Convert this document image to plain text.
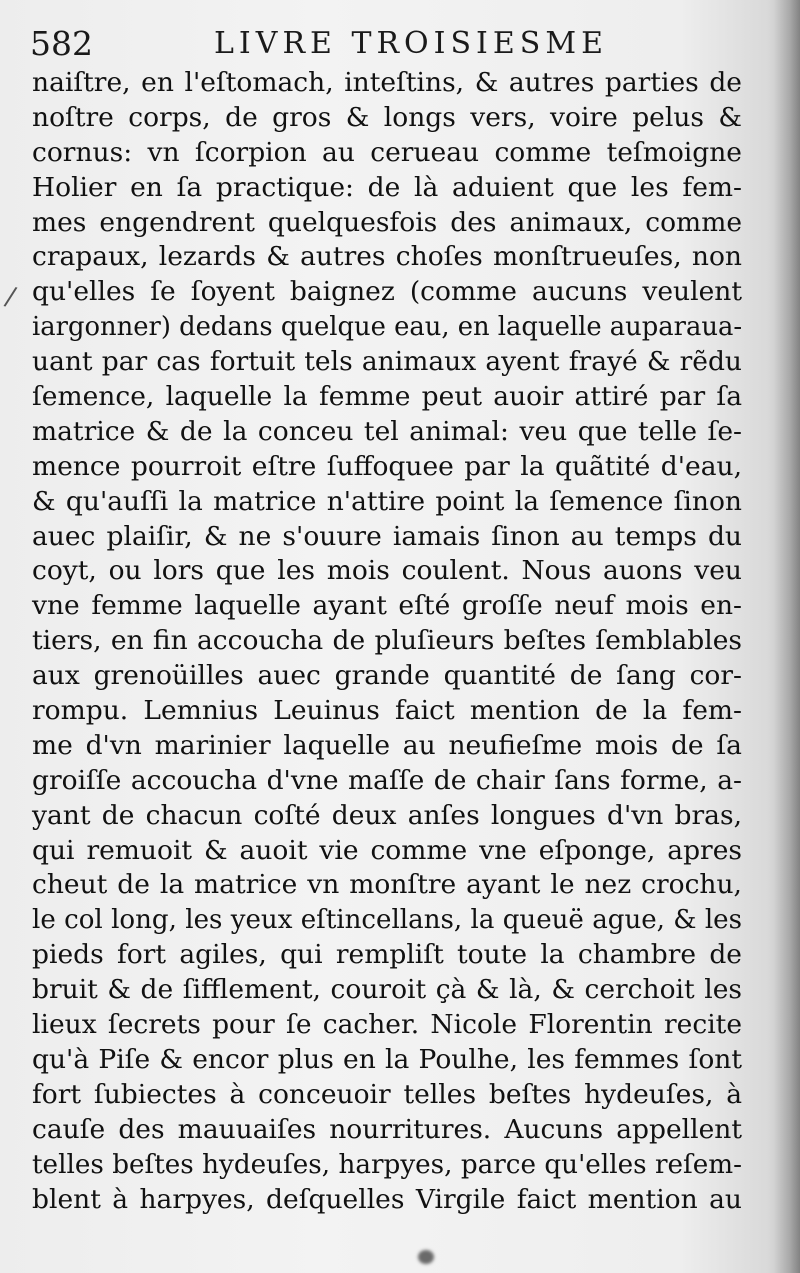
582	LIVRE TROISIESME
/
naiſtre, en l'eſtomach, inteſtins, & autres parties de
noſtre corps, de gros & longs vers, voire pelus &
cornus: vn ſcorpion au cerueau comme teſmoigne
Holier en ſa practique: de là aduient que les fem-
mes engendrent quelquesfois des animaux, comme
crapaux, lezards & autres choſes monſtrueuſes, non
qu'elles ſe ſoyent baignez (comme aucuns veulent
iargonner) dedans quelque eau, en laquelle auparaua-
uant par cas fortuit tels animaux ayent frayé & rẽdu
ſemence, laquelle la femme peut auoir attiré par ſa
matrice & de la conceu tel animal: veu que telle ſe-
mence pourroit eſtre ſuffoquee par la quãtité d'eau,
& qu'auſſi la matrice n'attire point la ſemence ſinon
auec plaiſir, & ne s'ouure iamais ſinon au temps du
coyt, ou lors que les mois coulent. Nous auons veu
vne femme laquelle ayant eſté groſſe neuf mois en-
tiers, en fin accoucha de pluſieurs beſtes ſemblables
aux grenoüilles auec grande quantité de ſang cor-
rompu. Lemnius Leuinus faict mention de la fem-
me d'vn marinier laquelle au neufieſme mois de ſa
groiſſe accoucha d'vne maſſe de chair ſans forme, a-
yant de chacun coſté deux anſes longues d'vn bras,
qui remuoit & auoit vie comme vne eſponge, apres
cheut de la matrice vn monſtre ayant le nez crochu,
le col long, les yeux eſtincellans, la queuë ague, & les
pieds fort agiles, qui rempliſt toute la chambre de
bruit & de ſifflement, couroit çà & là, & cerchoit les
lieux ſecrets pour ſe cacher. Nicole Florentin recite
qu'à Piſe & encor plus en la Poulhe, les femmes ſont
fort ſubiectes à conceuoir telles beſtes hydeuſes, à
cauſe des mauuaiſes nourritures. Aucuns appellent
telles beſtes hydeuſes, harpyes, parce qu'elles reſem-
blent à harpyes, deſquelles Virgile faict mention au
